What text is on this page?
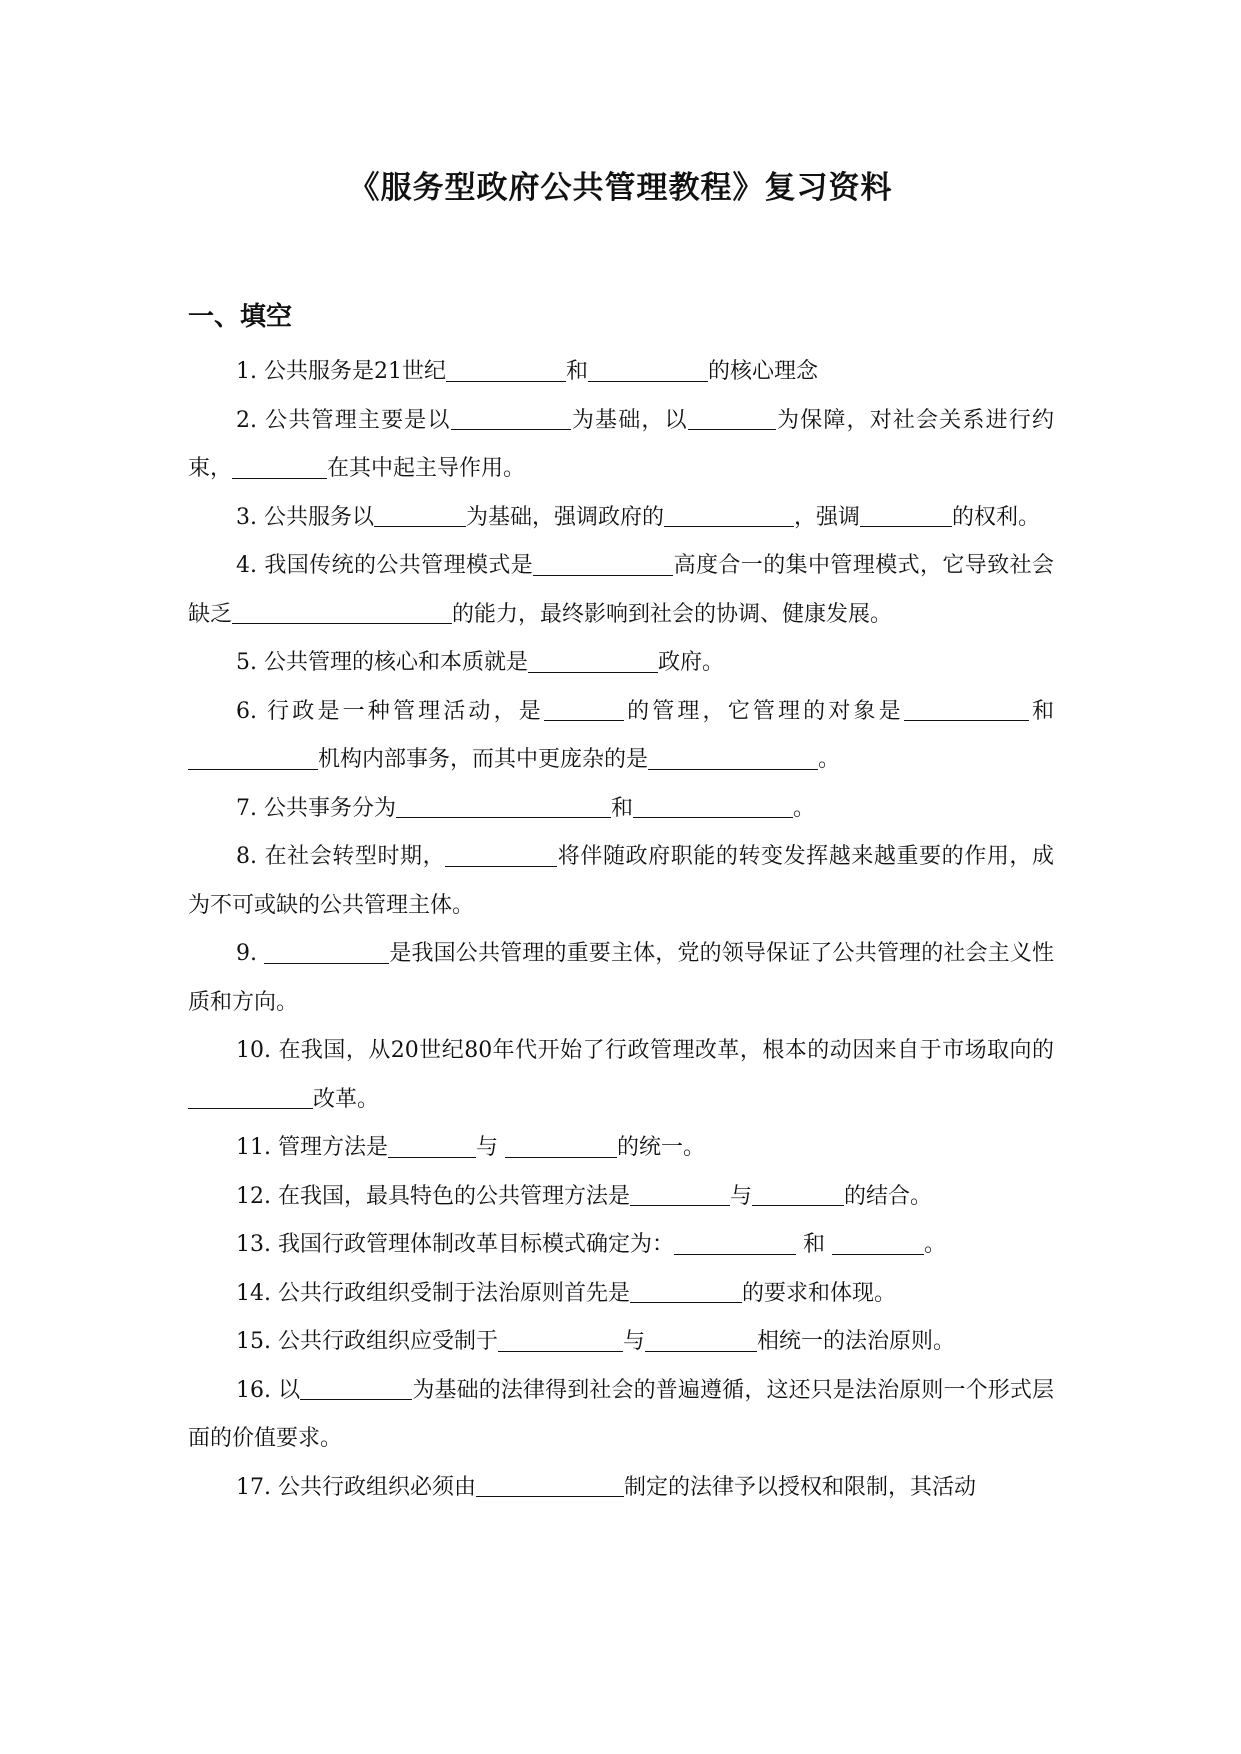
《服务型政府公共管理教程》复习资料
一、填空

1. 公共服务是21世纪	和	的核心理念

2. 公共管理主要是以	为基础，以	为保障，对社会关系进行约束，	在其中起主导作用。

3. 公共服务以	为基础，强调政府的	，强调	的权利。

4. 我国传统的公共管理模式是	高度合一的集中管理模式，它导致社会缺乏	的能力，最终影响到社会的协调、健康发展。

5. 公共管理的核心和本质就是	政府。

6. 行政是一种管理活动，是	的管理，它管理的对象是	和机构内部事务，而其中更庞杂的是	。

7. 公共事务分为	和	。

8. 在社会转型时期，	将伴随政府职能的转变发挥越来越重要的作用，成为不可或缺的公共管理主体。

9.	是我国公共管理的重要主体，党的领导保证了公共管理的社会主义性质和方向。

10. 在我国，从20世纪80年代开始了行政管理改革，根本的动因来自于市场取向的改革。

11. 管理方法是	与	的统一。

12. 在我国，最具特色的公共管理方法是	与	的结合。

13. 我国行政管理体制改革目标模式确定为：	和	。

14. 公共行政组织受制于法治原则首先是	的要求和体现。

15. 公共行政组织应受制于	与	相统一的法治原则。

16. 以	为基础的法律得到社会的普遍遵循，这还只是法治原则一个形式层面的价值要求。

17. 公共行政组织必须由	制定的法律予以授权和限制，其活动
